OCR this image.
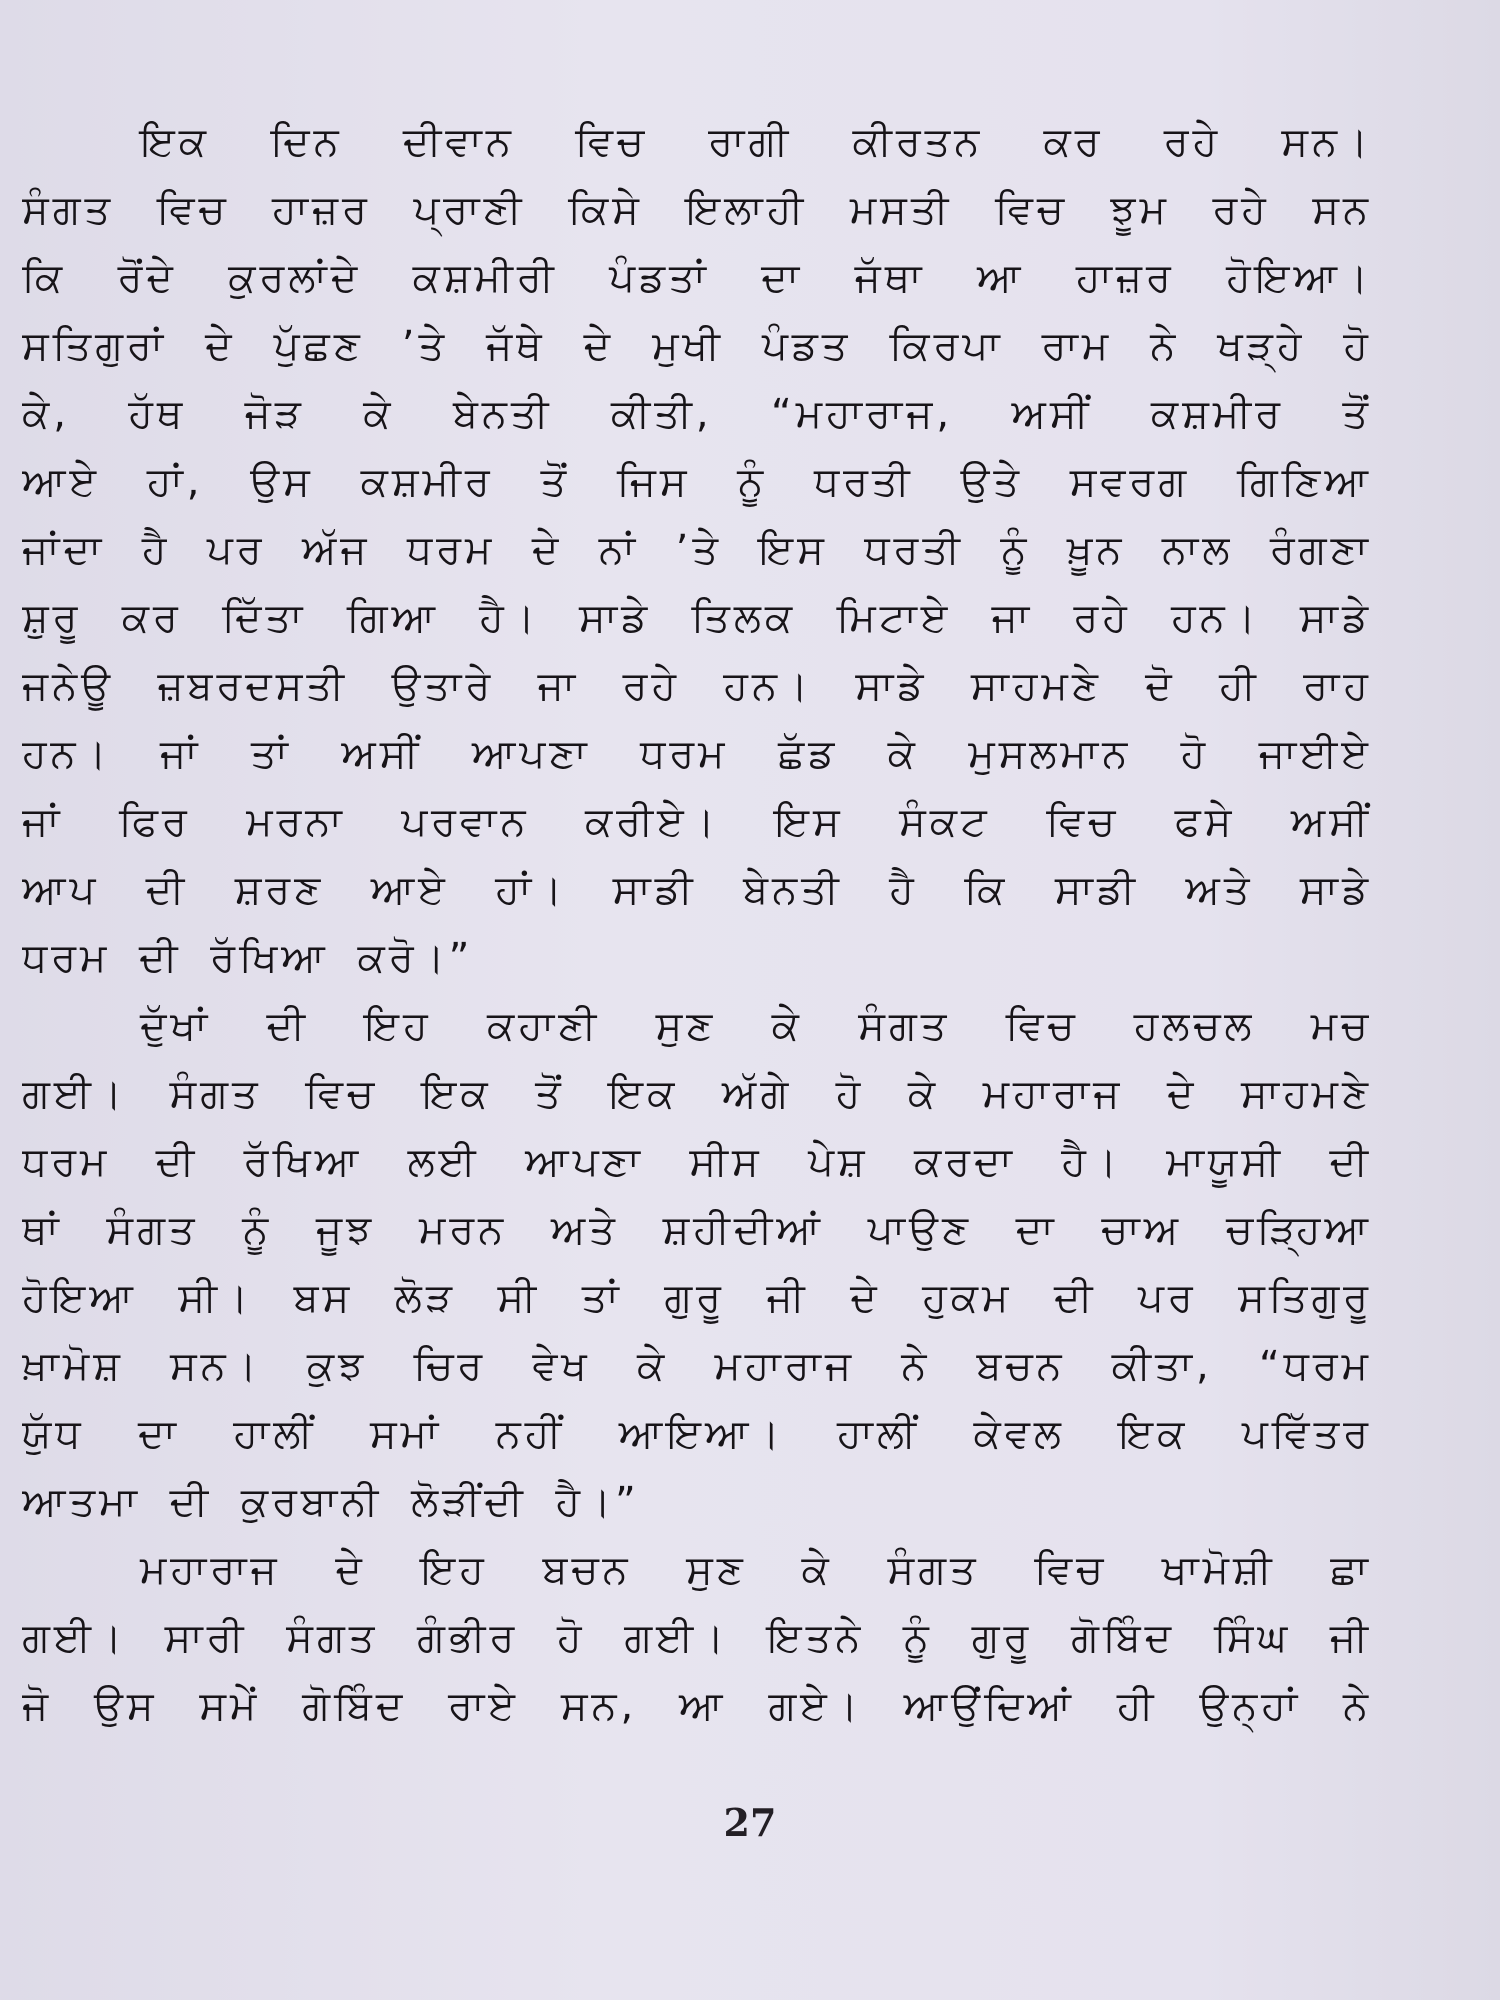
ਇਕ ਦਿਨ ਦੀਵਾਨ ਵਿਚ ਰਾਗੀ ਕੀਰਤਨ ਕਰ ਰਹੇ ਸਨ।
ਸੰਗਤ ਵਿਚ ਹਾਜ਼ਰ ਪ੍ਰਾਣੀ ਕਿਸੇ ਇਲਾਹੀ ਮਸਤੀ ਵਿਚ ਝੂਮ ਰਹੇ ਸਨ
ਕਿ ਰੋਂਦੇ ਕੁਰਲਾਂਦੇ ਕਸ਼ਮੀਰੀ ਪੰਡਤਾਂ ਦਾ ਜੱਥਾ ਆ ਹਾਜ਼ਰ ਹੋਇਆ।
ਸਤਿਗੁਰਾਂ ਦੇ ਪੁੱਛਣ ’ਤੇ ਜੱਥੇ ਦੇ ਮੁਖੀ ਪੰਡਤ ਕਿਰਪਾ ਰਾਮ ਨੇ ਖੜ੍ਹੇ ਹੋ
ਕੇ, ਹੱਥ ਜੋੜ ਕੇ ਬੇਨਤੀ ਕੀਤੀ, “ਮਹਾਰਾਜ, ਅਸੀਂ ਕਸ਼ਮੀਰ ਤੋਂ
ਆਏ ਹਾਂ, ਉਸ ਕਸ਼ਮੀਰ ਤੋਂ ਜਿਸ ਨੂੰ ਧਰਤੀ ਉਤੇ ਸਵਰਗ ਗਿਣਿਆ
ਜਾਂਦਾ ਹੈ ਪਰ ਅੱਜ ਧਰਮ ਦੇ ਨਾਂ ’ਤੇ ਇਸ ਧਰਤੀ ਨੂੰ ਖ਼ੂਨ ਨਾਲ ਰੰਗਣਾ
ਸ਼ੁਰੂ ਕਰ ਦਿੱਤਾ ਗਿਆ ਹੈ। ਸਾਡੇ ਤਿਲਕ ਮਿਟਾਏ ਜਾ ਰਹੇ ਹਨ। ਸਾਡੇ
ਜਨੇਊ ਜ਼ਬਰਦਸਤੀ ਉਤਾਰੇ ਜਾ ਰਹੇ ਹਨ। ਸਾਡੇ ਸਾਹਮਣੇ ਦੋ ਹੀ ਰਾਹ
ਹਨ। ਜਾਂ ਤਾਂ ਅਸੀਂ ਆਪਣਾ ਧਰਮ ਛੱਡ ਕੇ ਮੁਸਲਮਾਨ ਹੋ ਜਾਈਏ
ਜਾਂ ਫਿਰ ਮਰਨਾ ਪਰਵਾਨ ਕਰੀਏ। ਇਸ ਸੰਕਟ ਵਿਚ ਫਸੇ ਅਸੀਂ
ਆਪ ਦੀ ਸ਼ਰਣ ਆਏ ਹਾਂ। ਸਾਡੀ ਬੇਨਤੀ ਹੈ ਕਿ ਸਾਡੀ ਅਤੇ ਸਾਡੇ
ਧਰਮ ਦੀ ਰੱਖਿਆ ਕਰੋ।”

ਦੁੱਖਾਂ ਦੀ ਇਹ ਕਹਾਣੀ ਸੁਣ ਕੇ ਸੰਗਤ ਵਿਚ ਹਲਚਲ ਮਚ
ਗਈ। ਸੰਗਤ ਵਿਚ ਇਕ ਤੋਂ ਇਕ ਅੱਗੇ ਹੋ ਕੇ ਮਹਾਰਾਜ ਦੇ ਸਾਹਮਣੇ
ਧਰਮ ਦੀ ਰੱਖਿਆ ਲਈ ਆਪਣਾ ਸੀਸ ਪੇਸ਼ ਕਰਦਾ ਹੈ। ਮਾਯੂਸੀ ਦੀ
ਥਾਂ ਸੰਗਤ ਨੂੰ ਜੂਝ ਮਰਨ ਅਤੇ ਸ਼ਹੀਦੀਆਂ ਪਾਉਣ ਦਾ ਚਾਅ ਚੜ੍ਹਿਆ
ਹੋਇਆ ਸੀ। ਬਸ ਲੋੜ ਸੀ ਤਾਂ ਗੁਰੂ ਜੀ ਦੇ ਹੁਕਮ ਦੀ ਪਰ ਸਤਿਗੁਰੂ
ਖ਼ਾਮੋਸ਼ ਸਨ। ਕੁਝ ਚਿਰ ਵੇਖ ਕੇ ਮਹਾਰਾਜ ਨੇ ਬਚਨ ਕੀਤਾ, “ਧਰਮ
ਯੁੱਧ ਦਾ ਹਾਲੀਂ ਸਮਾਂ ਨਹੀਂ ਆਇਆ। ਹਾਲੀਂ ਕੇਵਲ ਇਕ ਪਵਿੱਤਰ
ਆਤਮਾ ਦੀ ਕੁਰਬਾਨੀ ਲੋੜੀਂਦੀ ਹੈ।”

ਮਹਾਰਾਜ ਦੇ ਇਹ ਬਚਨ ਸੁਣ ਕੇ ਸੰਗਤ ਵਿਚ ਖਾਮੋਸ਼ੀ ਛਾ
ਗਈ। ਸਾਰੀ ਸੰਗਤ ਗੰਭੀਰ ਹੋ ਗਈ। ਇਤਨੇ ਨੂੰ ਗੁਰੂ ਗੋਬਿੰਦ ਸਿੰਘ ਜੀ
ਜੋ ਉਸ ਸਮੇਂ ਗੋਬਿੰਦ ਰਾਏ ਸਨ, ਆ ਗਏ। ਆਉਂਦਿਆਂ ਹੀ ਉਨ੍ਹਾਂ ਨੇ

27
